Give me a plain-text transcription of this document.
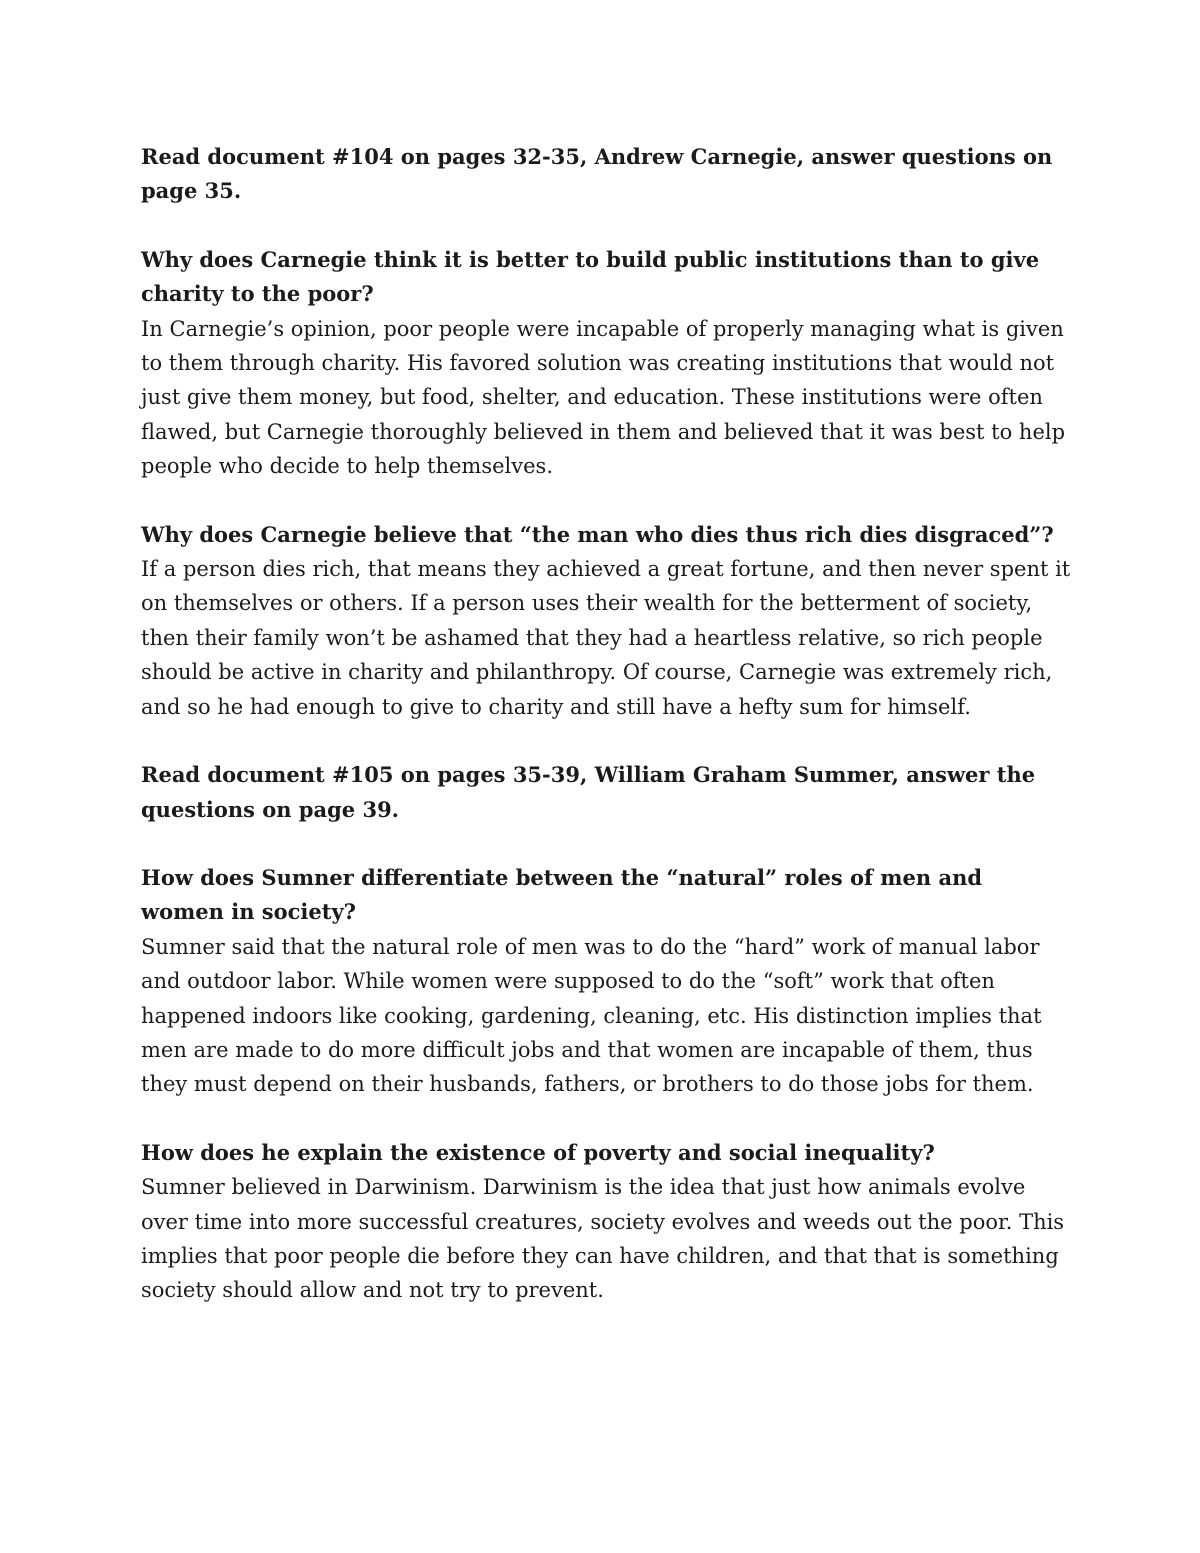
Read document #104 on pages 32-35, Andrew Carnegie, answer questions on page 35.

Why does Carnegie think it is better to build public institutions than to give charity to the poor?

In Carnegie’s opinion, poor people were incapable of properly managing what is given to them through charity. His favored solution was creating institutions that would not just give them money, but food, shelter, and education. These institutions were often flawed, but Carnegie thoroughly believed in them and believed that it was best to help people who decide to help themselves.

Why does Carnegie believe that “the man who dies thus rich dies disgraced”?

If a person dies rich, that means they achieved a great fortune, and then never spent it on themselves or others. If a person uses their wealth for the betterment of society, then their family won’t be ashamed that they had a heartless relative, so rich people should be active in charity and philanthropy. Of course, Carnegie was extremely rich, and so he had enough to give to charity and still have a hefty sum for himself.

Read document #105 on pages 35-39, William Graham Summer, answer the questions on page 39.

How does Sumner differentiate between the “natural” roles of men and women in society?

Sumner said that the natural role of men was to do the “hard” work of manual labor and outdoor labor. While women were supposed to do the “soft” work that often happened indoors like cooking, gardening, cleaning, etc. His distinction implies that men are made to do more difficult jobs and that women are incapable of them, thus they must depend on their husbands, fathers, or brothers to do those jobs for them.

How does he explain the existence of poverty and social inequality?

Sumner believed in Darwinism. Darwinism is the idea that just how animals evolve over time into more successful creatures, society evolves and weeds out the poor. This implies that poor people die before they can have children, and that that is something society should allow and not try to prevent.
